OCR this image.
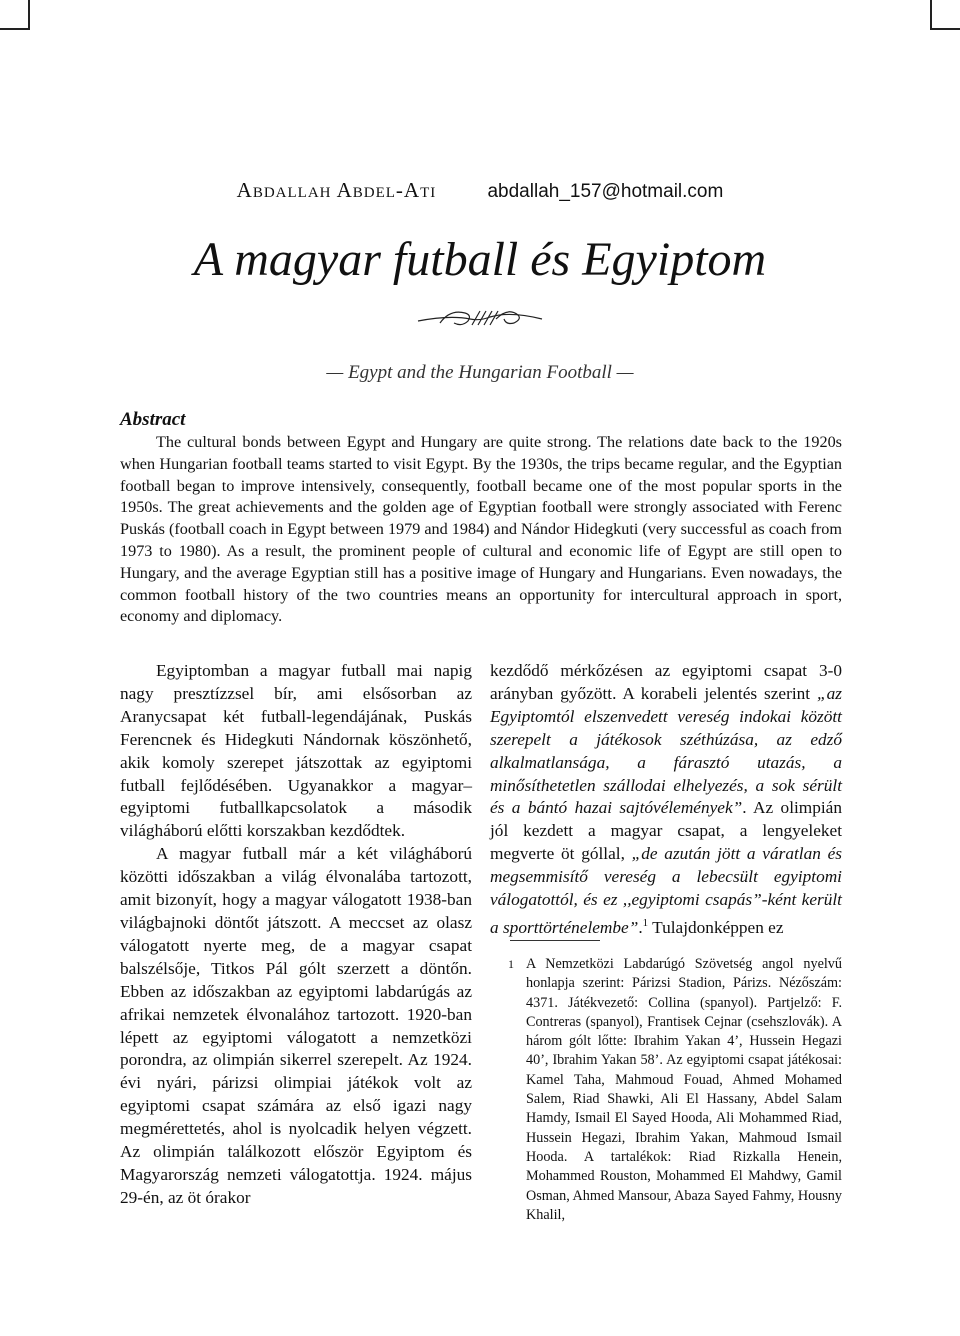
Abdallah Abdel-Ati	abdallah_157@hotmail.com
A magyar futball és Egyiptom
— Egypt and the Hungarian Football —
Abstract

The cultural bonds between Egypt and Hungary are quite strong. The relations date back to the 1920s when Hungarian football teams started to visit Egypt. By the 1930s, the trips became regular, and the Egyptian football began to improve intensively, consequently, football became one of the most popular sports in the 1950s. The great achievements and the golden age of Egyptian football were strongly associated with Ferenc Puskás (football coach in Egypt between 1979 and 1984) and Nándor Hidegkuti (very successful as coach from 1973 to 1980). As a result, the prominent people of cultural and economic life of Egypt are still open to Hungary, and the average Egyptian still has a positive image of Hungary and Hungarians. Even nowadays, the common football history of the two countries means an opportunity for intercultural approach in sport, economy and diplomacy.

Egyiptomban a magyar futball mai napig nagy presztízzsel bír, ami elsősorban az Aranycsapat két futball-legendájának, Puskás Ferencnek és Hidegkuti Nándornak köszönhető, akik komoly szerepet játszottak az egyiptomi futball fejlődésében. Ugyanakkor a magyar–egyiptomi futballkapcsolatok a második világháború előtti korszakban kezdődtek.

A magyar futball már a két világháború közötti időszakban a világ élvonalába tartozott, amit bizonyít, hogy a magyar válogatott 1938-ban világbajnoki döntőt játszott. A meccset az olasz válogatott nyerte meg, de a magyar csapat balszélsője, Titkos Pál gólt szerzett a döntőn. Ebben az időszakban az egyiptomi labdarúgás az afrikai nemzetek élvonalához tartozott. 1920-ban lépett az egyiptomi válogatott a nemzetközi porondra, az olimpián sikerrel szerepelt. Az 1924. évi nyári, párizsi olimpiai játékok volt az egyiptomi csapat számára az első igazi nagy megmérettetés, ahol is nyolcadik helyen végzett. Az olimpián találkozott először Egyiptom és Magyarország nemzeti válogatottja. 1924. május 29-én, az öt órakor

kezdődő mérkőzésen az egyiptomi csapat 3-0 arányban győzött. A korabeli jelentés szerint „az Egyiptomtól elszenvedett vereség indokai között szerepelt a játékosok széthúzása, az edző alkalmatlansága, a fárasztó utazás, a minősíthetetlen szállodai elhelyezés, a sok sérült és a bántó hazai sajtóvélemények”. Az olimpián jól kezdett a magyar csapat, a lengyeleket megverte öt góllal, „de azután jött a váratlan és megsemmisítő vereség a lebecsült egyiptomi válogatottól, és ez ,,egyiptomi csapás”-ként került a sporttörténelembe”.$^1$ Tulajdonképpen ez

1 A Nemzetközi Labdarúgó Szövetség angol nyelvű honlapja szerint: Párizsi Stadion, Párizs. Nézőszám: 4371. Játékvezető: Collina (spanyol). Partjelző: F. Contreras (spanyol), Frantisek Cejnar (csehszlovák). A három gólt lőtte: Ibrahim Yakan 4’, Hussein Hegazi 40’, Ibrahim Yakan 58’. Az egyiptomi csapat játékosai: Kamel Taha, Mahmoud Fouad, Ahmed Mohamed Salem, Riad Shawki, Ali El Hassany, Abdel Salam Hamdy, Ismail El Sayed Hooda, Ali Mohammed Riad, Hussein Hegazi, Ibrahim Yakan, Mahmoud Ismail Hooda. A tartalékok: Riad Rizkalla Henein, Mohammed Rouston, Mohammed El Mahdwy, Gamil Osman, Ahmed Mansour, Abaza Sayed Fahmy, Housny Khalil,
